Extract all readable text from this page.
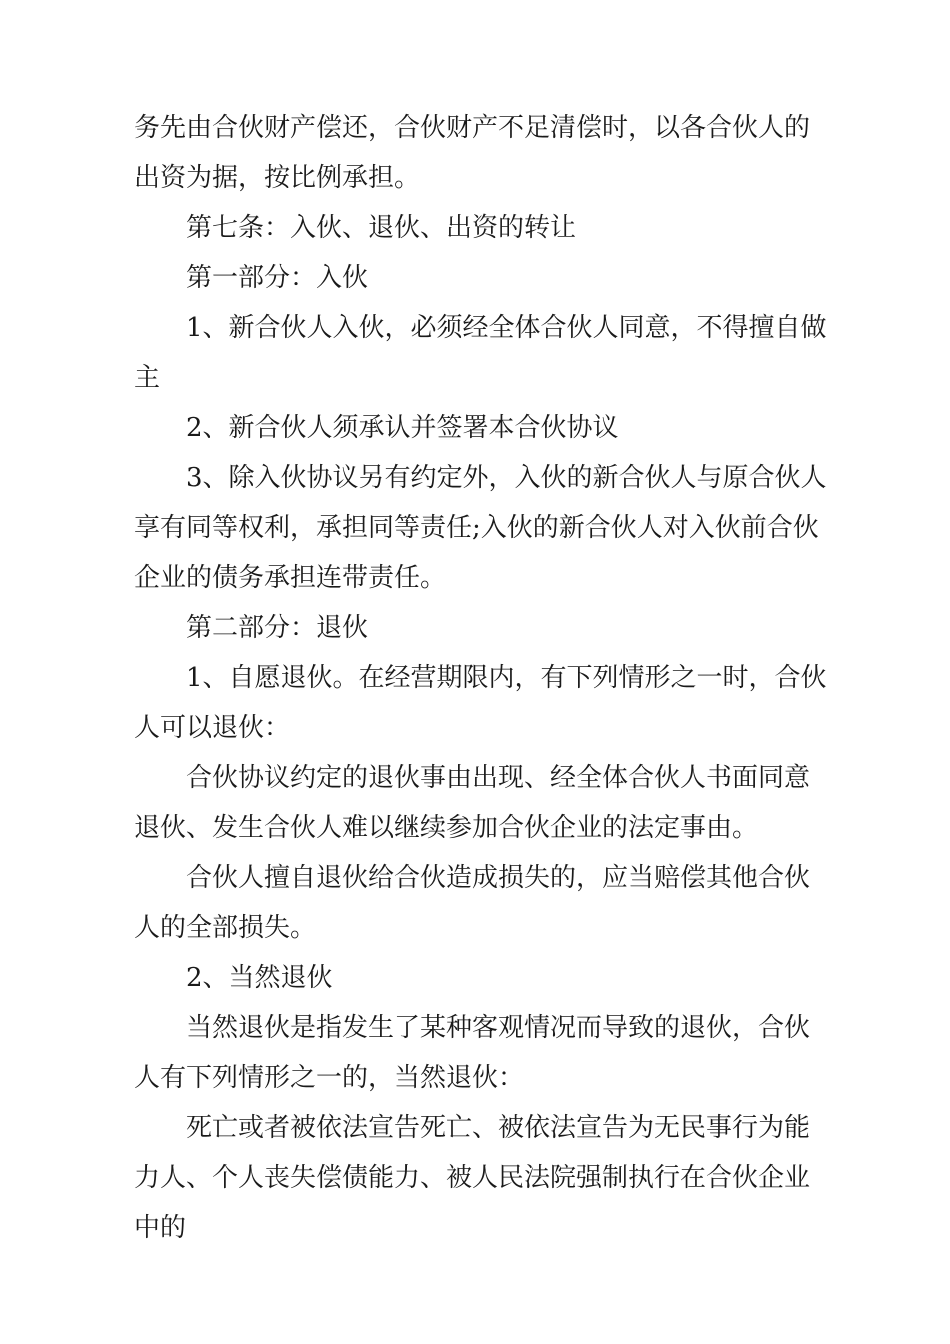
务先由合伙财产偿还，合伙财产不足清偿时，以各合伙人的出资为据，按比例承担。

第七条：入伙、退伙、出资的转让

第一部分：入伙

1、新合伙人入伙，必须经全体合伙人同意，不得擅自做主

2、新合伙人须承认并签署本合伙协议

3、除入伙协议另有约定外，入伙的新合伙人与原合伙人享有同等权利，承担同等责任;入伙的新合伙人对入伙前合伙企业的债务承担连带责任。

第二部分：退伙

1、自愿退伙。在经营期限内，有下列情形之一时，合伙人可以退伙：

合伙协议约定的退伙事由出现、经全体合伙人书面同意退伙、发生合伙人难以继续参加合伙企业的法定事由。

合伙人擅自退伙给合伙造成损失的，应当赔偿其他合伙人的全部损失。

2、当然退伙

当然退伙是指发生了某种客观情况而导致的退伙，合伙人有下列情形之一的，当然退伙：

死亡或者被依法宣告死亡、被依法宣告为无民事行为能力人、个人丧失偿债能力、被人民法院强制执行在合伙企业中的
